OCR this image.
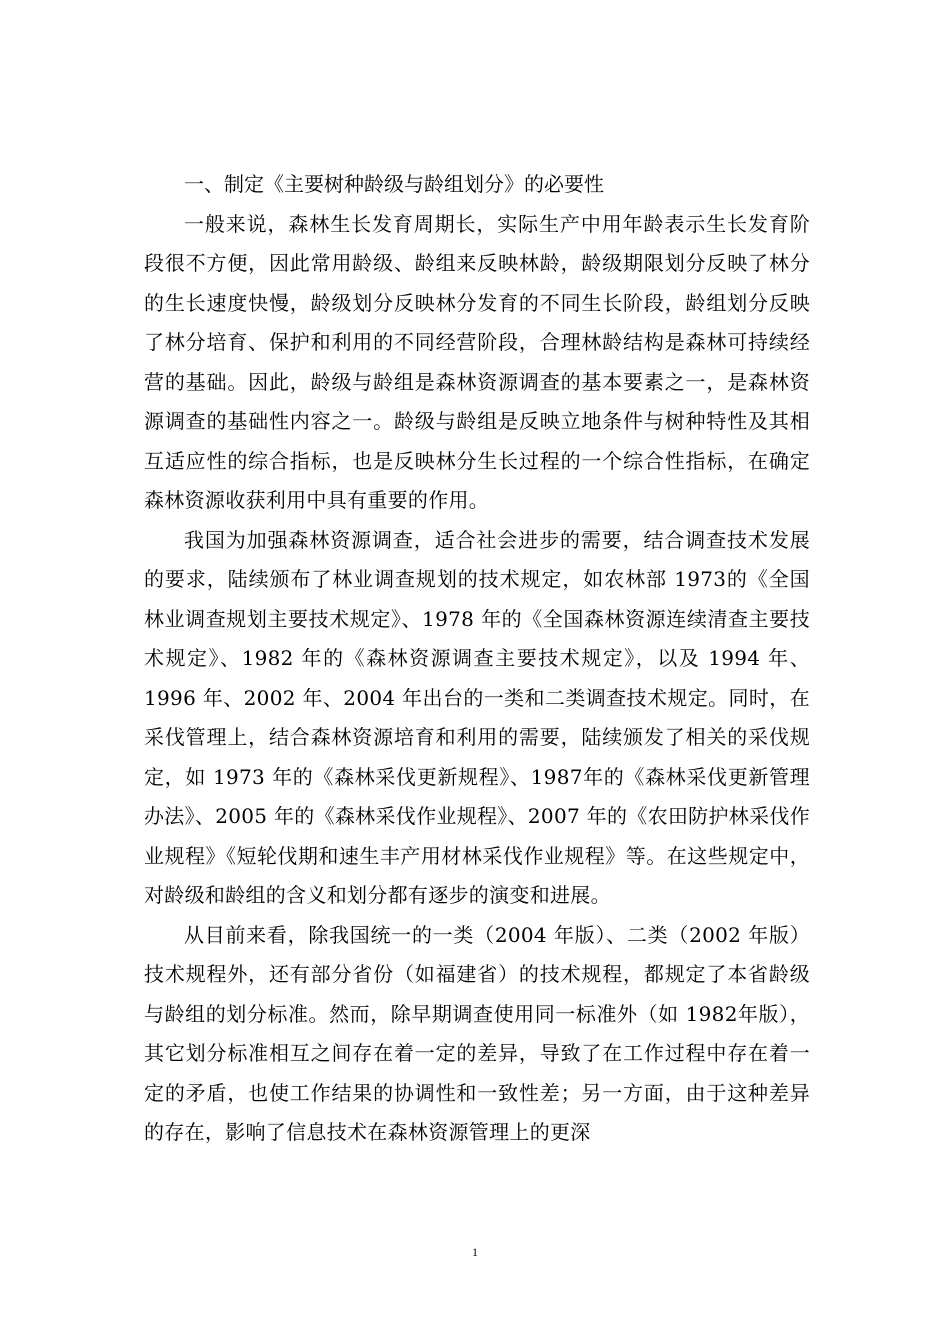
一、制定《主要树种龄级与龄组划分》的必要性

一般来说，森林生长发育周期长，实际生产中用年龄表示生长发育阶段很不方便，因此常用龄级、龄组来反映林龄，龄级期限划分反映了林分的生长速度快慢，龄级划分反映林分发育的不同生长阶段，龄组划分反映了林分培育、保护和利用的不同经营阶段，合理林龄结构是森林可持续经营的基础。因此，龄级与龄组是森林资源调查的基本要素之一，是森林资源调查的基础性内容之一。龄级与龄组是反映立地条件与树种特性及其相互适应性的综合指标，也是反映林分生长过程的一个综合性指标，在确定森林资源收获利用中具有重要的作用。

我国为加强森林资源调查，适合社会进步的需要，结合调查技术发展的要求，陆续颁布了林业调查规划的技术规定，如农林部 1973的《全国林业调查规划主要技术规定》、1978 年的《全国森林资源连续清查主要技术规定》、1982 年的《森林资源调查主要技术规定》，以及 1994 年、1996 年、2002 年、2004 年出台的一类和二类调查技术规定。同时，在采伐管理上，结合森林资源培育和利用的需要，陆续颁发了相关的采伐规定，如 1973 年的《森林采伐更新规程》、1987年的《森林采伐更新管理办法》、2005 年的《森林采伐作业规程》、2007 年的《农田防护林采伐作业规程》《短轮伐期和速生丰产用材林采伐作业规程》等。在这些规定中，对龄级和龄组的含义和划分都有逐步的演变和进展。

从目前来看，除我国统一的一类（2004 年版）、二类（2002 年版）技术规程外，还有部分省份（如福建省）的技术规程，都规定了本省龄级与龄组的划分标准。然而，除早期调查使用同一标准外（如 1982年版），其它划分标准相互之间存在着一定的差异，导致了在工作过程中存在着一定的矛盾，也使工作结果的协调性和一致性差；另一方面，由于这种差异的存在，影响了信息技术在森林资源管理上的更深

1
